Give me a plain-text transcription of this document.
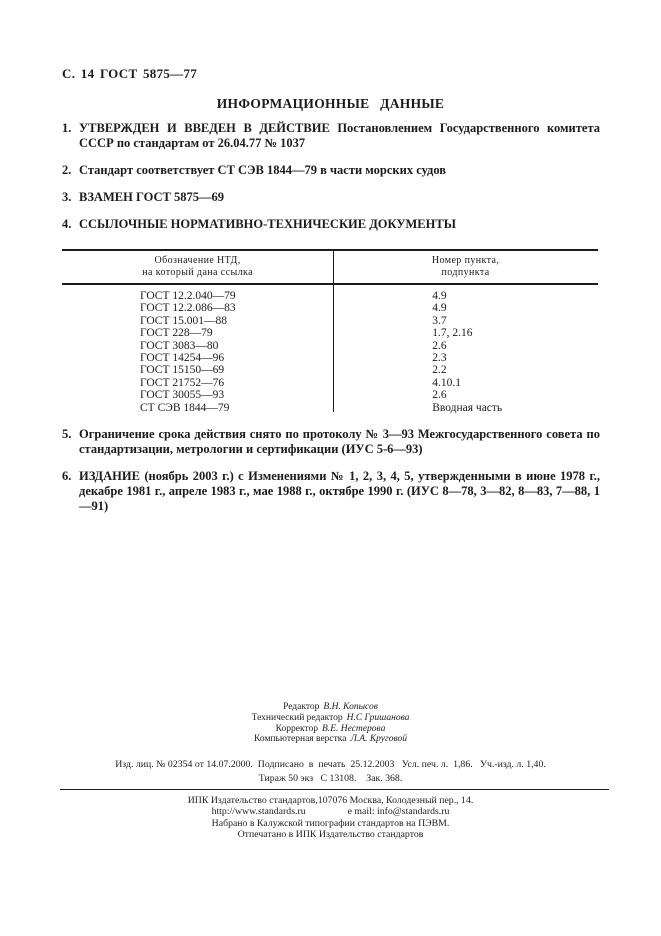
С. 14 ГОСТ 5875—77
ИНФОРМАЦИОННЫЕ ДАННЫЕ
1. УТВЕРЖДЕН И ВВЕДЕН В ДЕЙСТВИЕ Постановлением Государственного комитета СССР по стандартам от 26.04.77 № 1037
2. Стандарт соответствует СТ СЭВ 1844—79 в части морских судов
3. ВЗАМЕН ГОСТ 5875—69
4. ССЫЛОЧНЫЕ НОРМАТИВНО-ТЕХНИЧЕСКИЕ ДОКУМЕНТЫ
Обозначение НТД,
на который дана ссылка
Номер пункта,
подпункта
ГОСТ 12.2.040—79	4.9
ГОСТ 12.2.086—83	4.9
ГОСТ 15.001—88	3.7
ГОСТ 228—79	1.7, 2.16
ГОСТ 3083—80	2.6
ГОСТ 14254—96	2.3
ГОСТ 15150—69	2.2
ГОСТ 21752—76	4.10.1
ГОСТ 30055—93	2.6
СТ СЭВ 1844—79	Вводная часть
5. Ограничение срока действия снято по протоколу № 3—93 Межгосударственного совета по стандартизации, метрологии и сертификации (ИУС 5-6—93)
6. ИЗДАНИЕ (ноябрь 2003 г.) с Изменениями № 1, 2, 3, 4, 5, утвержденными в июне 1978 г., декабре 1981 г., апреле 1983 г., мае 1988 г., октябре 1990 г. (ИУС 8—78, 3—82, 8—83, 7—88, 1—91)
Редактор В.Н. Копысов
Технический редактор Н.С Гришанова
Корректор В.Е. Нестерова
Компьютерная верстка Л.А. Круговой
Изд. лиц. № 02354 от 14.07.2000.  Подписано  в  печать  25.12.2003   Усл. печ. л.  1,86.   Уч.-изд. л. 1,40.
Тираж 50 экз   С 13108.    Зак. 368.
ИПК Издательство стандартов,107076 Москва, Колодезный пер., 14.
http://www.standards.ru	e mail: info@standards.ru
Набрано в Калужской типографии стандартов на ПЭВМ.
Отпечатано в ИПК Издательство стандартов
